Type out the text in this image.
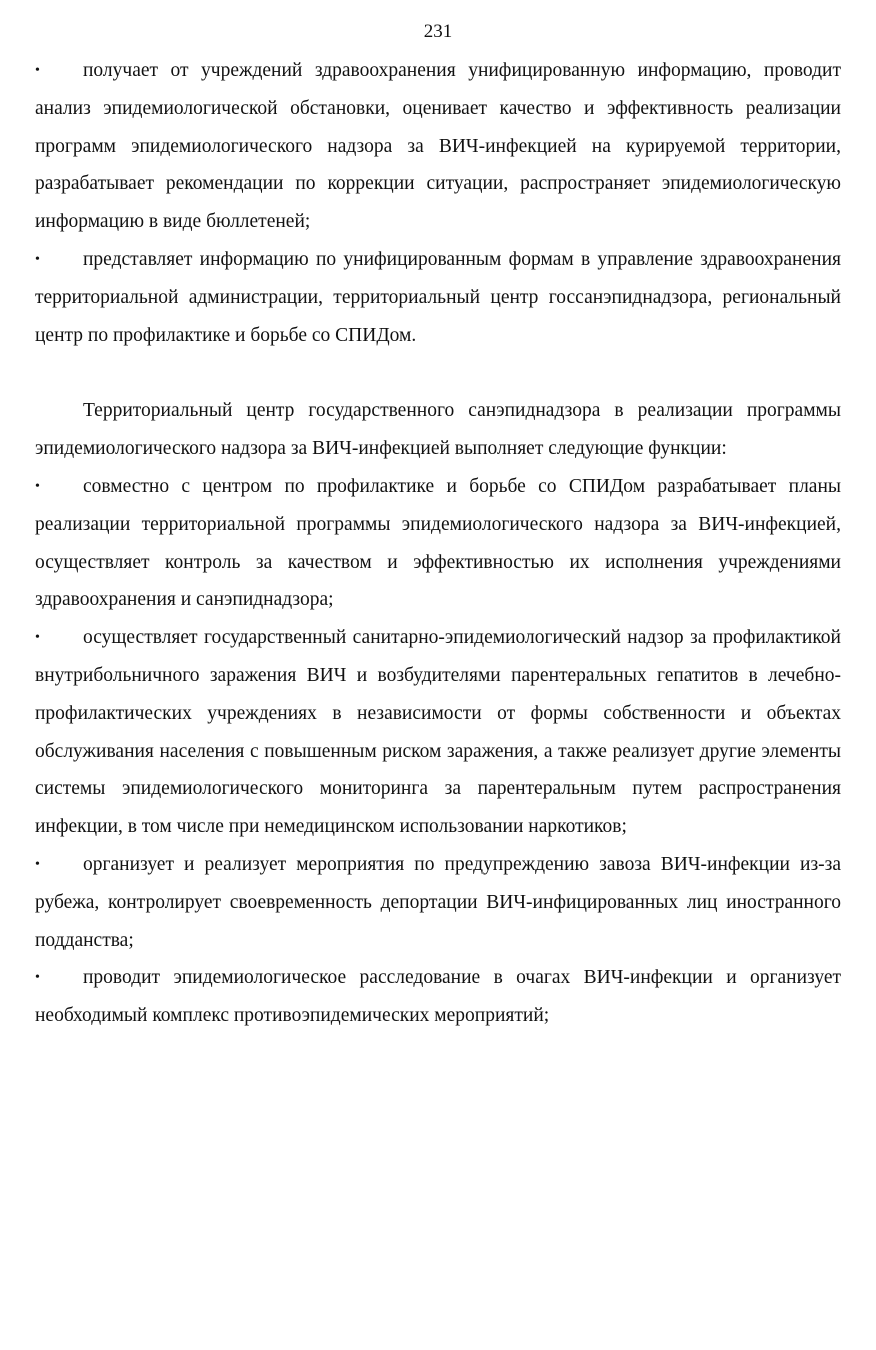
231

• получает от учреждений здравоохранения унифицированную информацию, проводит анализ эпидемиологической обстановки, оценивает качество и эффективность реализации программ эпидемиологического надзора за ВИЧ-инфекцией на курируемой территории, разрабатывает рекомендации по коррекции ситуации, распространяет эпидемиологическую информацию в виде бюллетеней;

• представляет информацию по унифицированным формам в управление здравоохранения территориальной администрации, территориальный центр госсанэпиднадзора, региональный центр по профилактике и борьбе со СПИДом.

Территориальный центр государственного санэпиднадзора в реализации программы эпидемиологического надзора за ВИЧ-инфекцией выполняет следующие функции:

• совместно с центром по профилактике и борьбе со СПИДом разрабатывает планы реализации территориальной программы эпидемиологического надзора за ВИЧ-инфекцией, осуществляет контроль за качеством и эффективностью их исполнения учреждениями здравоохранения и санэпиднадзора;

• осуществляет государственный санитарно-эпидемиологический надзор за профилактикой внутрибольничного заражения ВИЧ и возбудителями парентеральных гепатитов в лечебно-профилактических учреждениях в независимости от формы собственности и объектах обслуживания населения с повышенным риском заражения, а также реализует другие элементы системы эпидемиологического мониторинга за парентеральным путем распространения инфекции, в том числе при немедицинском использовании наркотиков;

• организует и реализует мероприятия по предупреждению завоза ВИЧ-инфекции из-за рубежа, контролирует своевременность депортации ВИЧ-инфицированных лиц иностранного подданства;

• проводит эпидемиологическое расследование в очагах ВИЧ-инфекции и организует необходимый комплекс противоэпидемических мероприятий;
